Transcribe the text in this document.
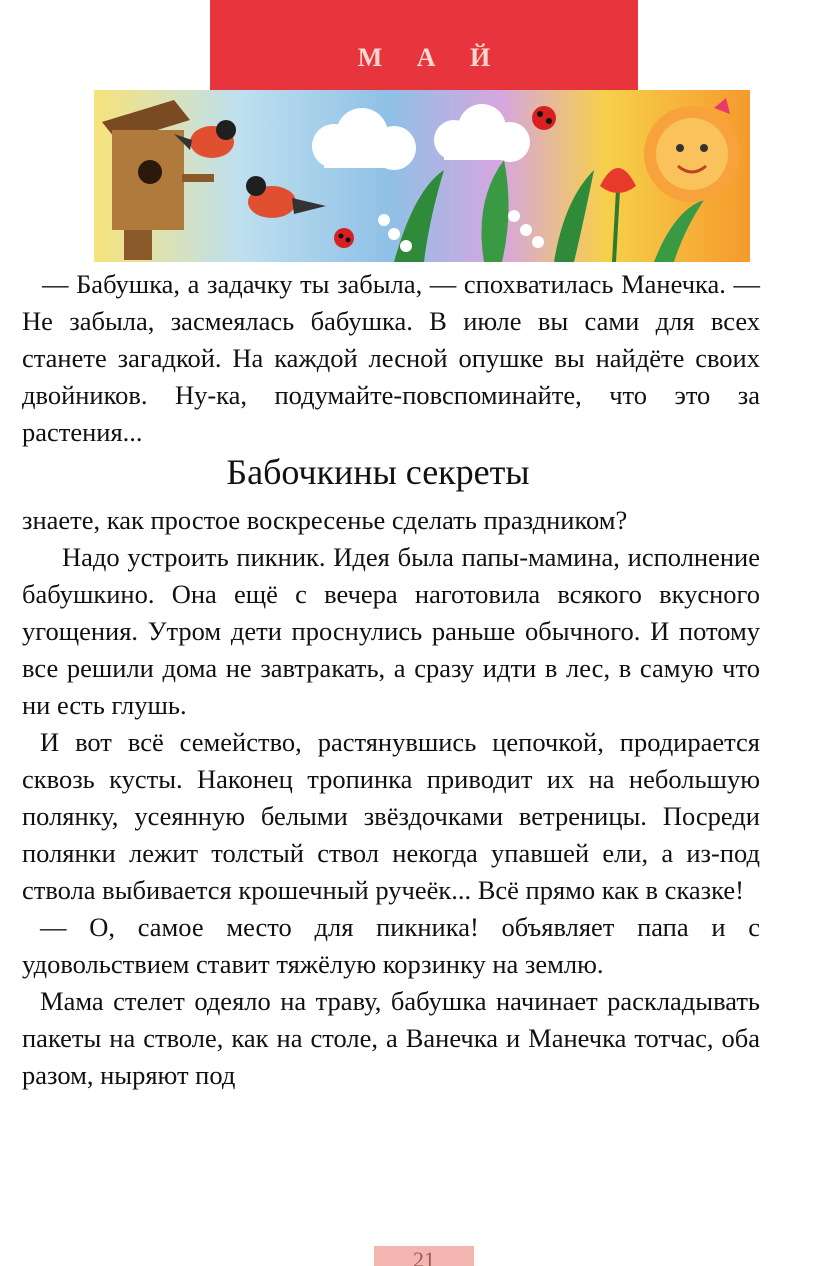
М А Й

— Бабушка, а задачку ты забыла, — спохватилась Манечка. — Не забыла, засмеялась бабушка. В июле вы сами для всех станете загадкой. На каждой лесной опушке вы найдёте своих двойников. Ну-ка, подумайте-повспоминайте, что это за растения...

Бабочкины секреты

знаете, как простое воскресенье сделать праздником?

Надо устроить пикник. Идея была папы-мамина, исполнение бабушкино. Она ещё с вечера наготовила всякого вкусного угощения. Утром дети проснулись раньше обычного. И потому все решили дома не завтракать, а сразу идти в лес, в самую что ни есть глушь.

И вот всё семейство, растянувшись цепочкой, продирается сквозь кусты. Наконец тропинка приводит их на небольшую полянку, усеянную белыми звёздочками ветреницы. Посреди полянки лежит толстый ствол некогда упавшей ели, а из-под ствола выбивается крошечный ручеёк... Всё прямо как в сказке!

— О, самое место для пикника! объявляет папа и с удовольствием ставит тяжёлую корзинку на землю.

Мама стелет одеяло на траву, бабушка начинает раскладывать пакеты на стволе, как на столе, а Ванечка и Манечка тотчас, оба разом, ныряют под

21
